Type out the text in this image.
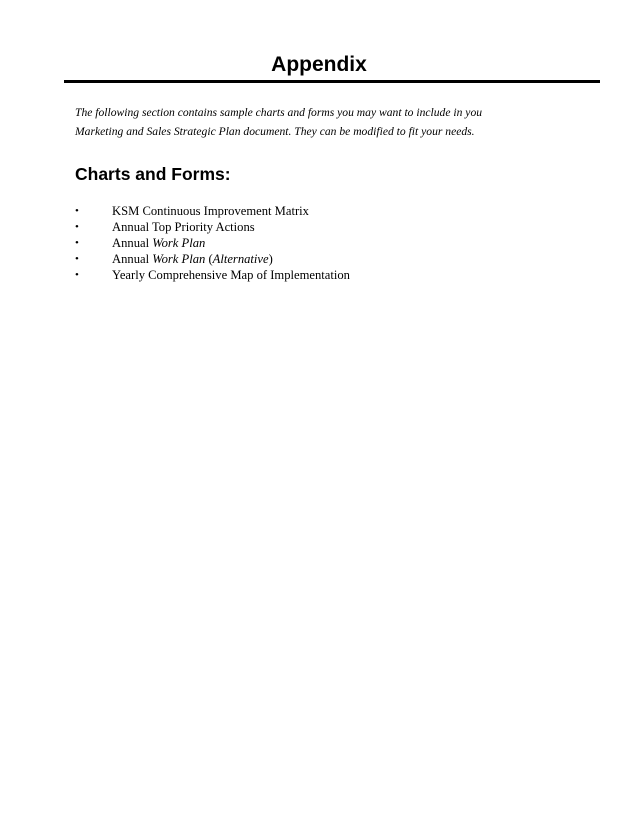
Appendix

The following section contains sample charts and forms you may want to include in you

Marketing and Sales Strategic Plan document. They can be modified to fit your needs.

Charts and Forms:
•	KSM Continuous Improvement Matrix
•	Annual Top Priority Actions
•	Annual Work Plan
•	Annual Work Plan (Alternative)
•	Yearly Comprehensive Map of Implementation
